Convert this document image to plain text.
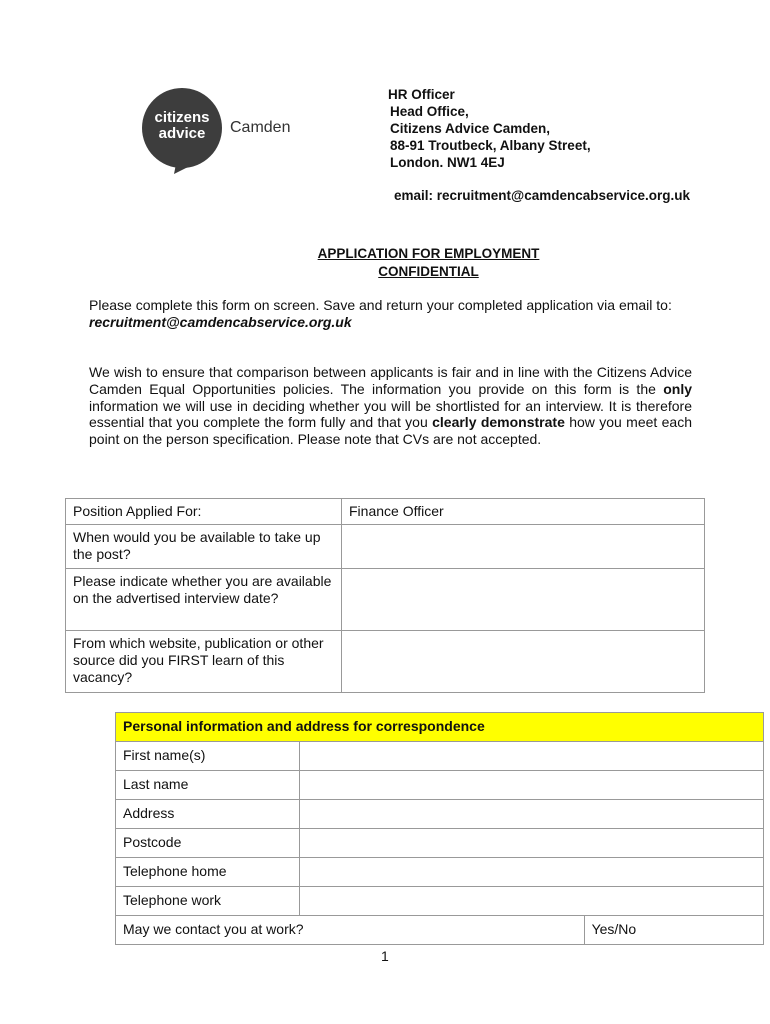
citizens
advice	Camden
HR Officer
Head Office,
Citizens Advice Camden,
88-91 Troutbeck, Albany Street,
London. NW1 4EJ
email: recruitment@camdencabservice.org.uk
APPLICATION FOR EMPLOYMENT
CONFIDENTIAL
Please complete this form on screen. Save and return your completed application via email to:
recruitment@camdencabservice.org.uk
We wish to ensure that comparison between applicants is fair and in line with the Citizens Advice Camden Equal Opportunities policies. The information you provide on this form is the only information we will use in deciding whether you will be shortlisted for an interview. It is therefore essential that you complete the form fully and that you clearly demonstrate how you meet each point on the person specification. Please note that CVs are not accepted.
Position Applied For:	Finance Officer
When would you be available to take up the post?	
Please indicate whether you are available on the advertised interview date?	
From which website, publication or other source did you FIRST learn of this vacancy?	
Personal information and address for correspondence		
First name(s)		
Last name		
Address		
Postcode		
Telephone home		
Telephone work		
May we contact you at work?		Yes/No
1
